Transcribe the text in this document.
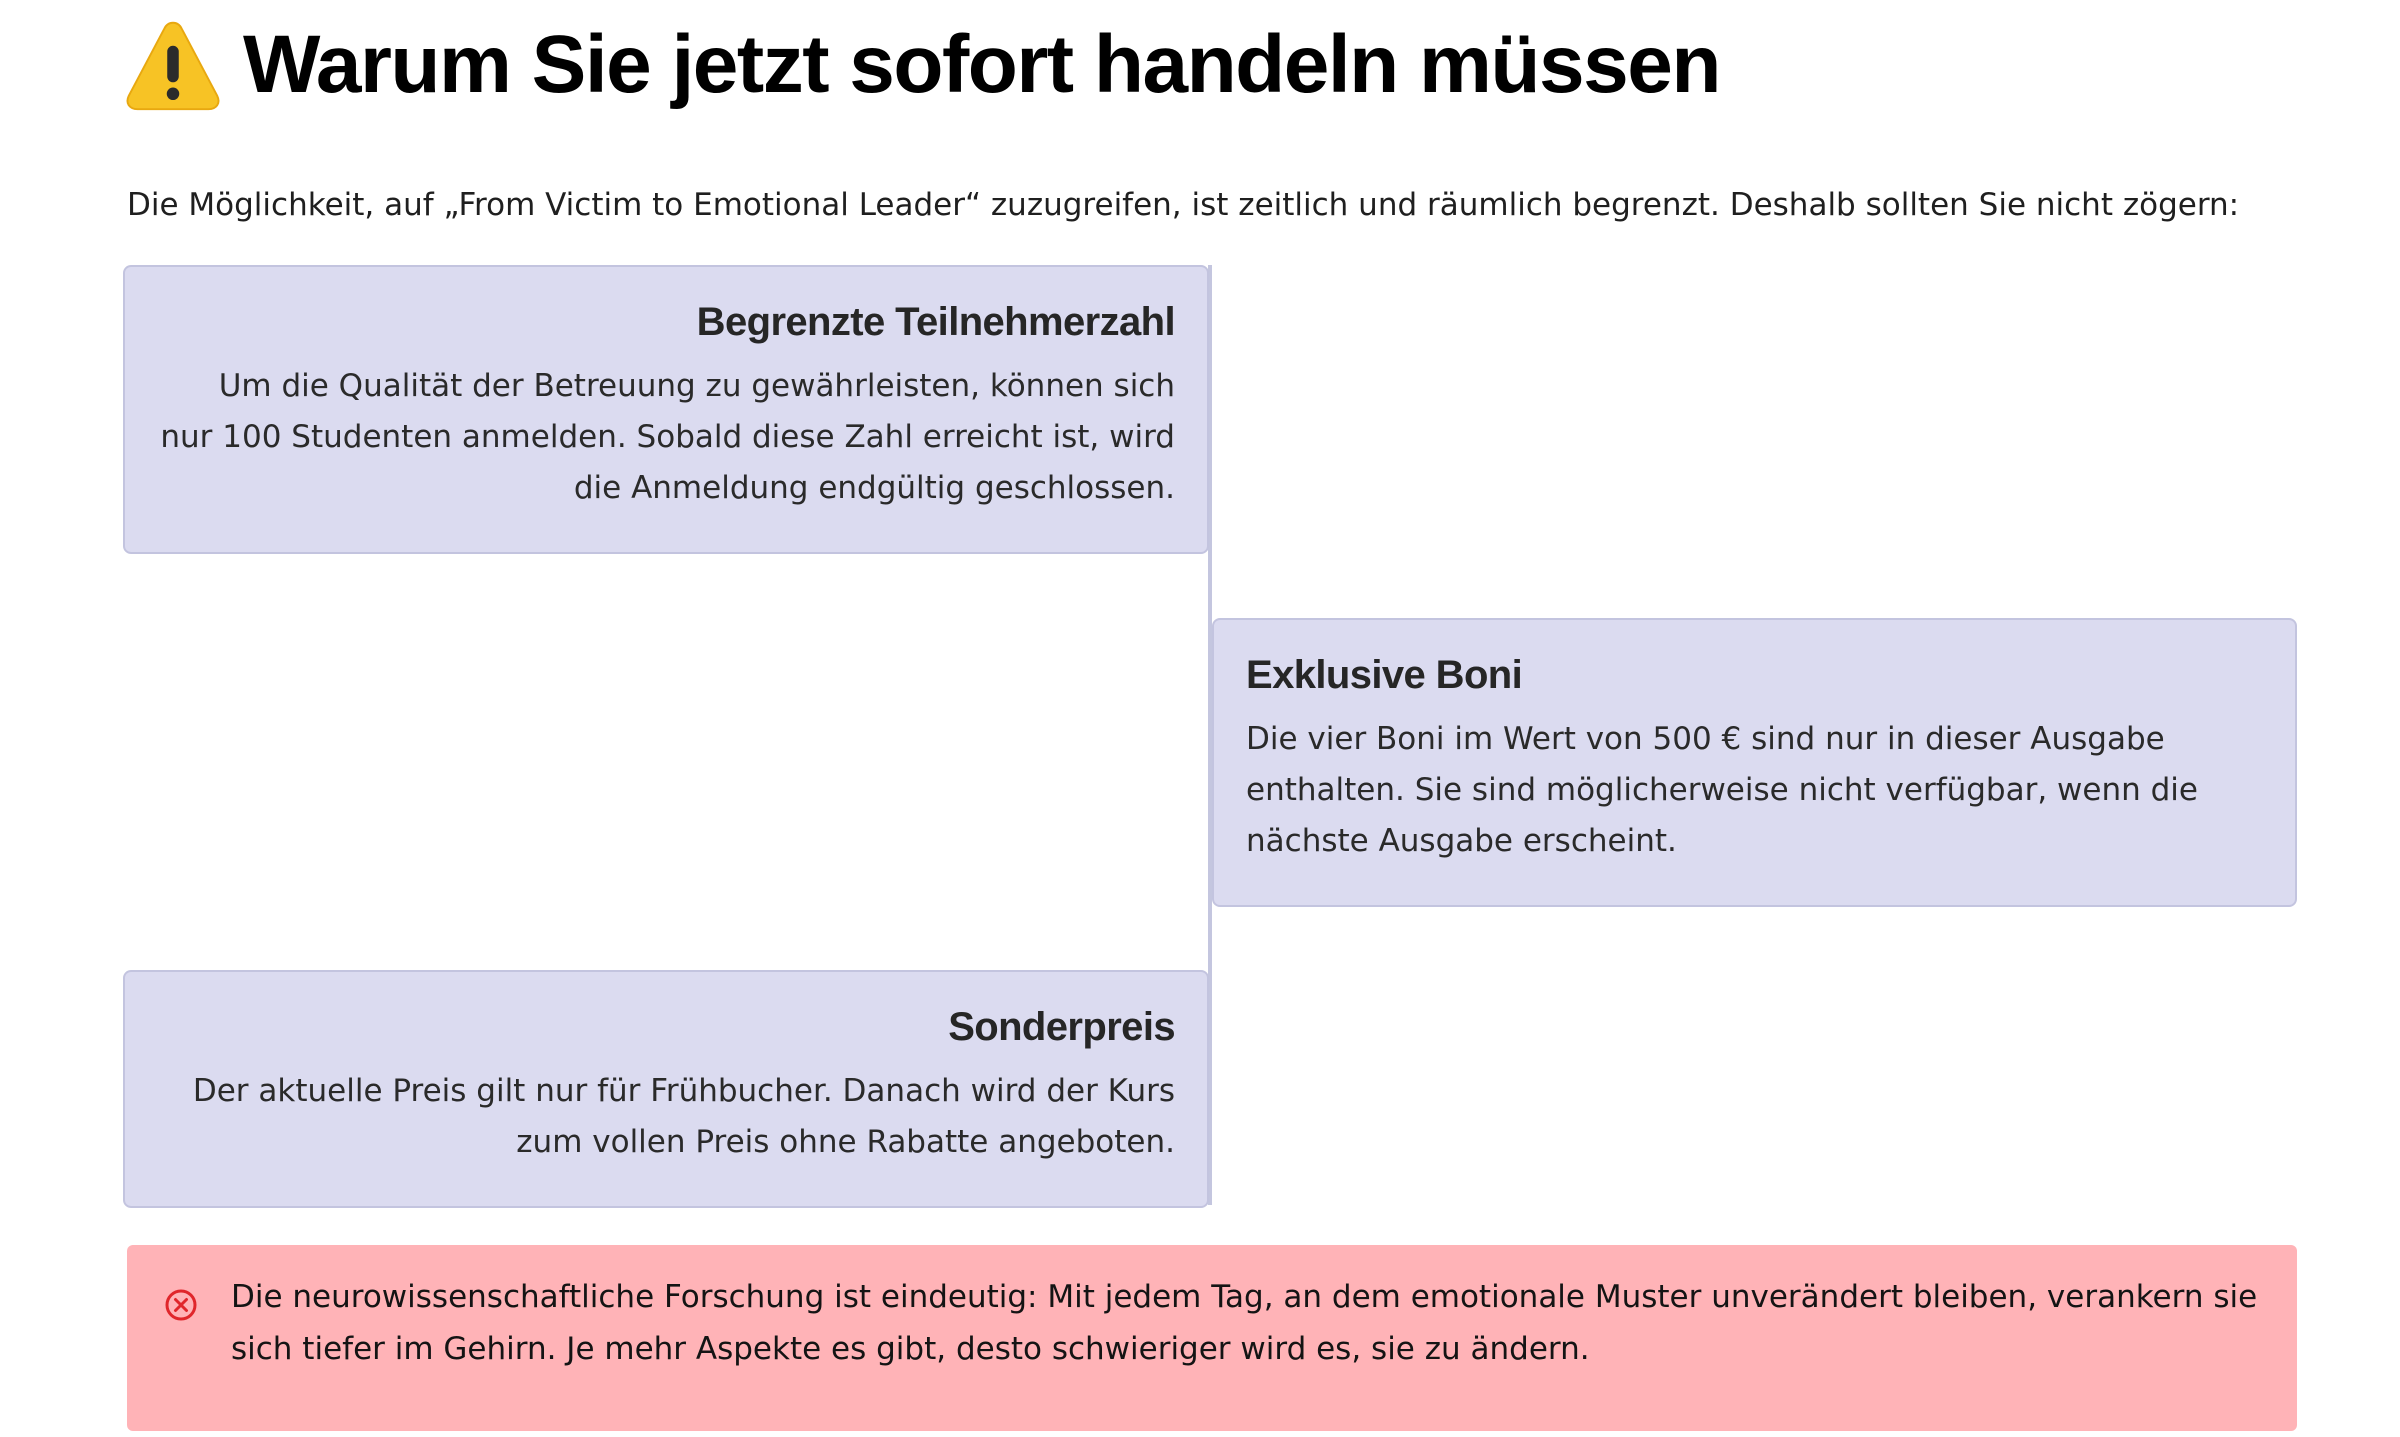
Warum Sie jetzt sofort handeln müssen

Die Möglichkeit, auf „From Victim to Emotional Leader“ zuzugreifen, ist zeitlich und räumlich begrenzt. Deshalb sollten Sie nicht zögern:

Begrenzte Teilnehmerzahl

Um die Qualität der Betreuung zu gewährleisten, können sich nur 100 Studenten anmelden. Sobald diese Zahl erreicht ist, wird die Anmeldung endgültig geschlossen.

Exklusive Boni

Die vier Boni im Wert von 500 € sind nur in dieser Ausgabe enthalten. Sie sind möglicherweise nicht verfügbar, wenn die nächste Ausgabe erscheint.

Sonderpreis

Der aktuelle Preis gilt nur für Frühbucher. Danach wird der Kurs zum vollen Preis ohne Rabatte angeboten.

Die neurowissenschaftliche Forschung ist eindeutig: Mit jedem Tag, an dem emotionale Muster unverändert bleiben, verankern sie sich tiefer im Gehirn. Je mehr Aspekte es gibt, desto schwieriger wird es, sie zu ändern.
